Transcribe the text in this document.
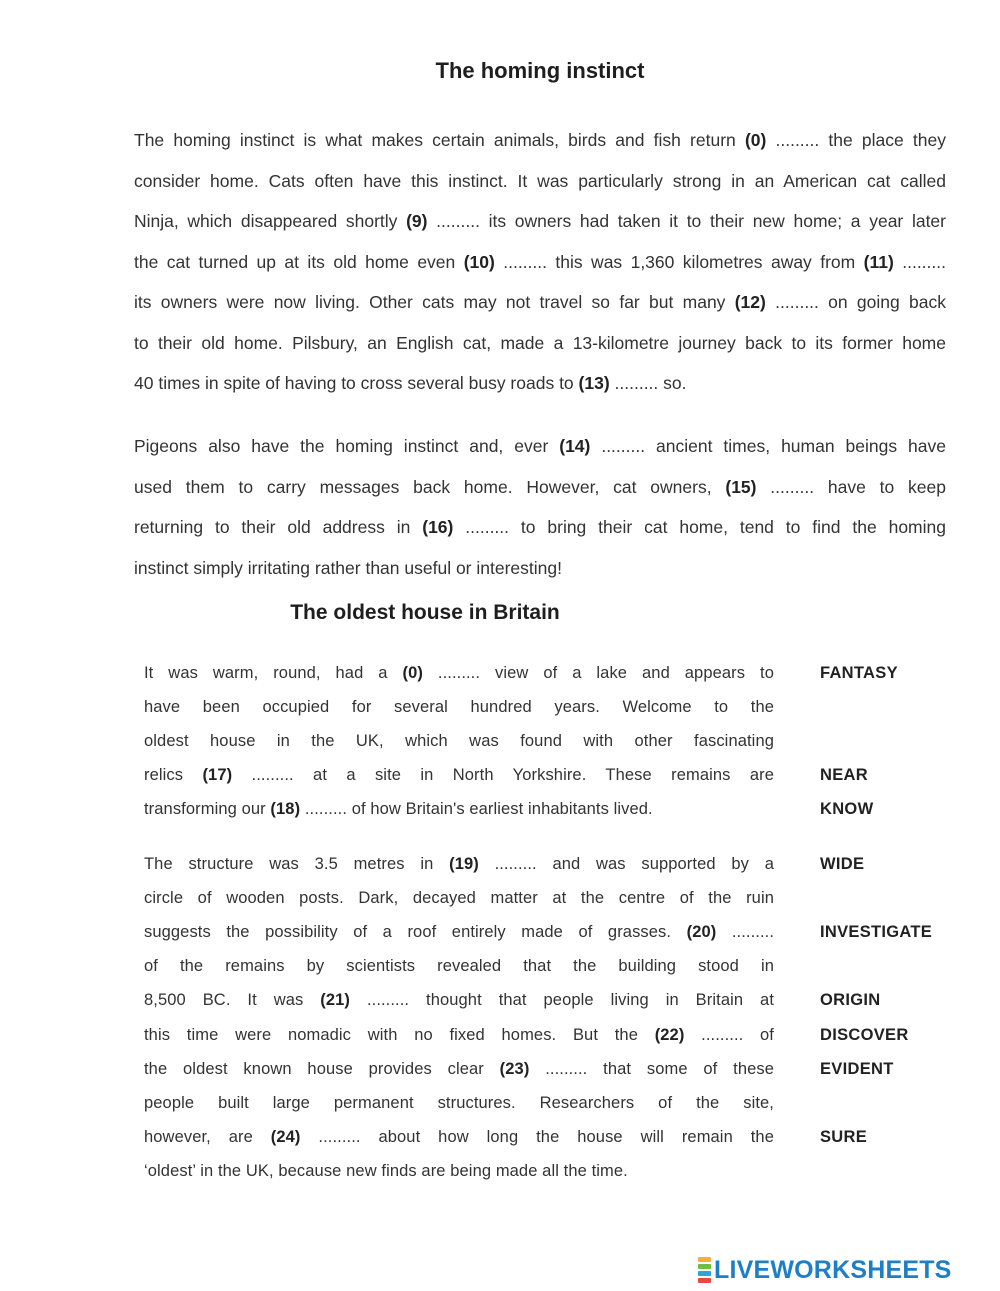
The homing instinct
The homing instinct is what makes certain animals, birds and fish return (0) ......... the place they
consider home. Cats often have this instinct. It was particularly strong in an American cat called
Ninja, which disappeared shortly (9) ......... its owners had taken it to their new home; a year later
the cat turned up at its old home even (10) ......... this was 1,360 kilometres away from (11) .........
its owners were now living. Other cats may not travel so far but many (12) ......... on going back
to their old home. Pilsbury, an English cat, made a 13-kilometre journey back to its former home
40 times in spite of having to cross several busy roads to (13) ......... so.
Pigeons also have the homing instinct and, ever (14) ......... ancient times, human beings have
used them to carry messages back home. However, cat owners, (15) ......... have to keep
returning to their old address in (16) ......... to bring their cat home, tend to find the homing
instinct simply irritating rather than useful or interesting!
The oldest house in Britain
It was warm, round, had a (0) ......... view of a lake and appears to	FANTASY
have been occupied for several hundred years. Welcome to the
oldest house in the UK, which was found with other fascinating
relics (17) ......... at a site in North Yorkshire. These remains are	NEAR
transforming our (18) ......... of how Britain's earliest inhabitants lived.	KNOW
The structure was 3.5 metres in (19) ......... and was supported by a	WIDE
circle of wooden posts. Dark, decayed matter at the centre of the ruin
suggests the possibility of a roof entirely made of grasses. (20) .........	INVESTIGATE
of the remains by scientists revealed that the building stood in
8,500 BC. It was (21) ......... thought that people living in Britain at	ORIGIN
this time were nomadic with no fixed homes. But the (22) ......... of	DISCOVER
the oldest known house provides clear (23) ......... that some of these	EVIDENT
people built large permanent structures. Researchers of the site,
however, are (24) ......... about how long the house will remain the	SURE
‘oldest’ in the UK, because new finds are being made all the time.
LIVEWORKSHEETS
